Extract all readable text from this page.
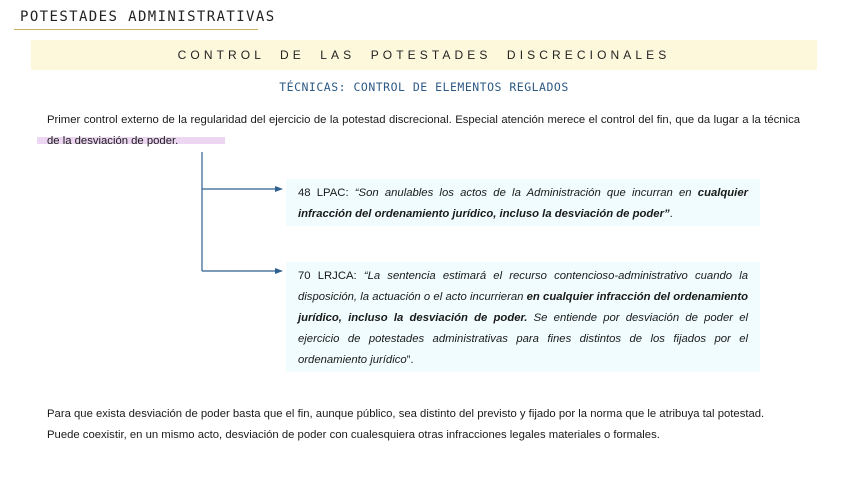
POTESTADES ADMINISTRATIVAS
CONTROL DE LAS POTESTADES DISCRECIONALES
TÉCNICAS: CONTROL DE ELEMENTOS REGLADOS
Primer control externo de la regularidad del ejercicio de la potestad discrecional. Especial atención merece el control del fin, que da lugar a la técnica de la desviación de poder.
48 LPAC: “Son anulables los actos de la Administración que incurran en cualquier infracción del ordenamiento jurídico, incluso la desviación de poder”.
70 LRJCA: “La sentencia estimará el recurso contencioso-administrativo cuando la disposición, la actuación o el acto incurrieran en cualquier infracción del ordenamiento jurídico, incluso la desviación de poder. Se entiende por desviación de poder el ejercicio de potestades administrativas para fines distintos de los fijados por el ordenamiento jurídico”.
Para que exista desviación de poder basta que el fin, aunque público, sea distinto del previsto y fijado por la norma que le atribuya tal potestad.
Puede coexistir, en un mismo acto, desviación de poder con cualesquiera otras infracciones legales materiales o formales.
